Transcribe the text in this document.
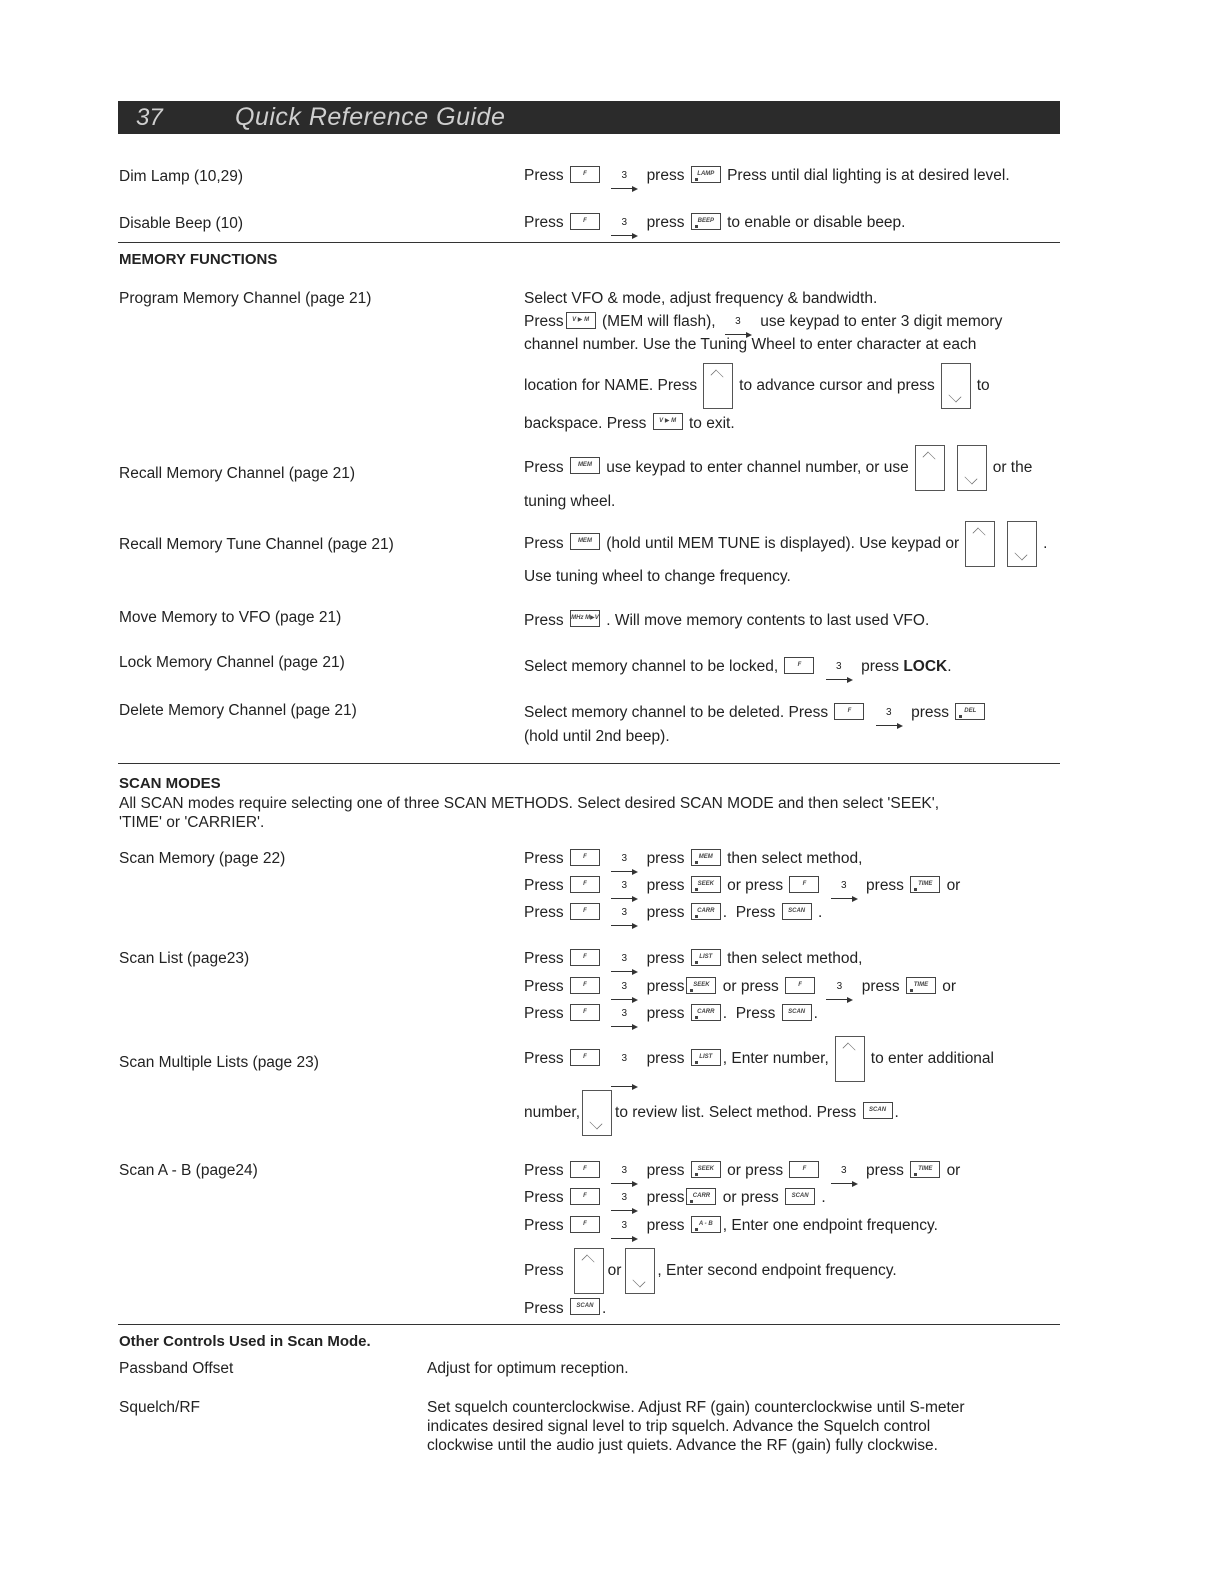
37	Quick Reference Guide
Dim Lamp (10,29)	Press	F	3 press LAMP Press until dial lighting is at desired level.
Disable Beep (10)	Press	F	3 press BEEP to enable or disable beep.
MEMORY FUNCTIONS
Program Memory Channel (page 21)	Select VFO & mode, adjust frequency & bandwidth.
Press V ▶ M (MEM will flash), 3 use keypad to enter 3 digit memory
channel number. Use the Tuning Wheel to enter character at each
location for NAME. Press	to advance cursor and press	to
backspace. Press V ▶ M to exit.
Recall Memory Channel (page 21)	Press MEM use keypad to enter channel number, or use	or the
tuning wheel.
Recall Memory Tune Channel (page 21)	Press MEM (hold until MEM TUNE is displayed). Use keypad or	.
Use tuning wheel to change frequency.
Move Memory to VFO (page 21)	Press MHz M▶V . Will move memory contents to last used VFO.
Lock Memory Channel (page 21)	Select memory channel to be locked,	F	3 press LOCK.
Delete Memory Channel (page 21)	Select memory channel to be deleted. Press	F	3 press	DEL
(hold until 2nd beep).
SCAN MODES
All SCAN modes require selecting one of three SCAN METHODS. Select desired SCAN MODE and then select 'SEEK',
'TIME' or 'CARRIER'.
Scan Memory (page 22)	Press	F	3 press MEM then select method,
Press	F	3 press SEEK or press	F	3 press TIME or
Press	F	3 press CARR . Press SCAN .
Scan List (page23)	Press	F	3 press LIST then select method,
Press	F	3 press SEEK or press	F	3 press TIME or
Press	F	3 press CARR . Press SCAN .
Scan Multiple Lists (page 23)	Press	F	3 press LIST , Enter number,	to enter additional
number, to review list. Select method. Press SCAN .
Scan A - B (page24)	Press	F	3 press SEEK or press	F	3 press TIME or
Press	F	3 press CARR or press SCAN .
Press	F	3 press A - B , Enter one endpoint frequency.
Press	or , Enter second endpoint frequency.
Press SCAN .
Other Controls Used in Scan Mode.
Passband Offset	Adjust for optimum reception.
Squelch/RF	Set squelch counterclockwise. Adjust RF (gain) counterclockwise until S-meter
indicates desired signal level to trip squelch. Advance the Squelch control
clockwise until the audio just quiets. Advance the RF (gain) fully clockwise.
